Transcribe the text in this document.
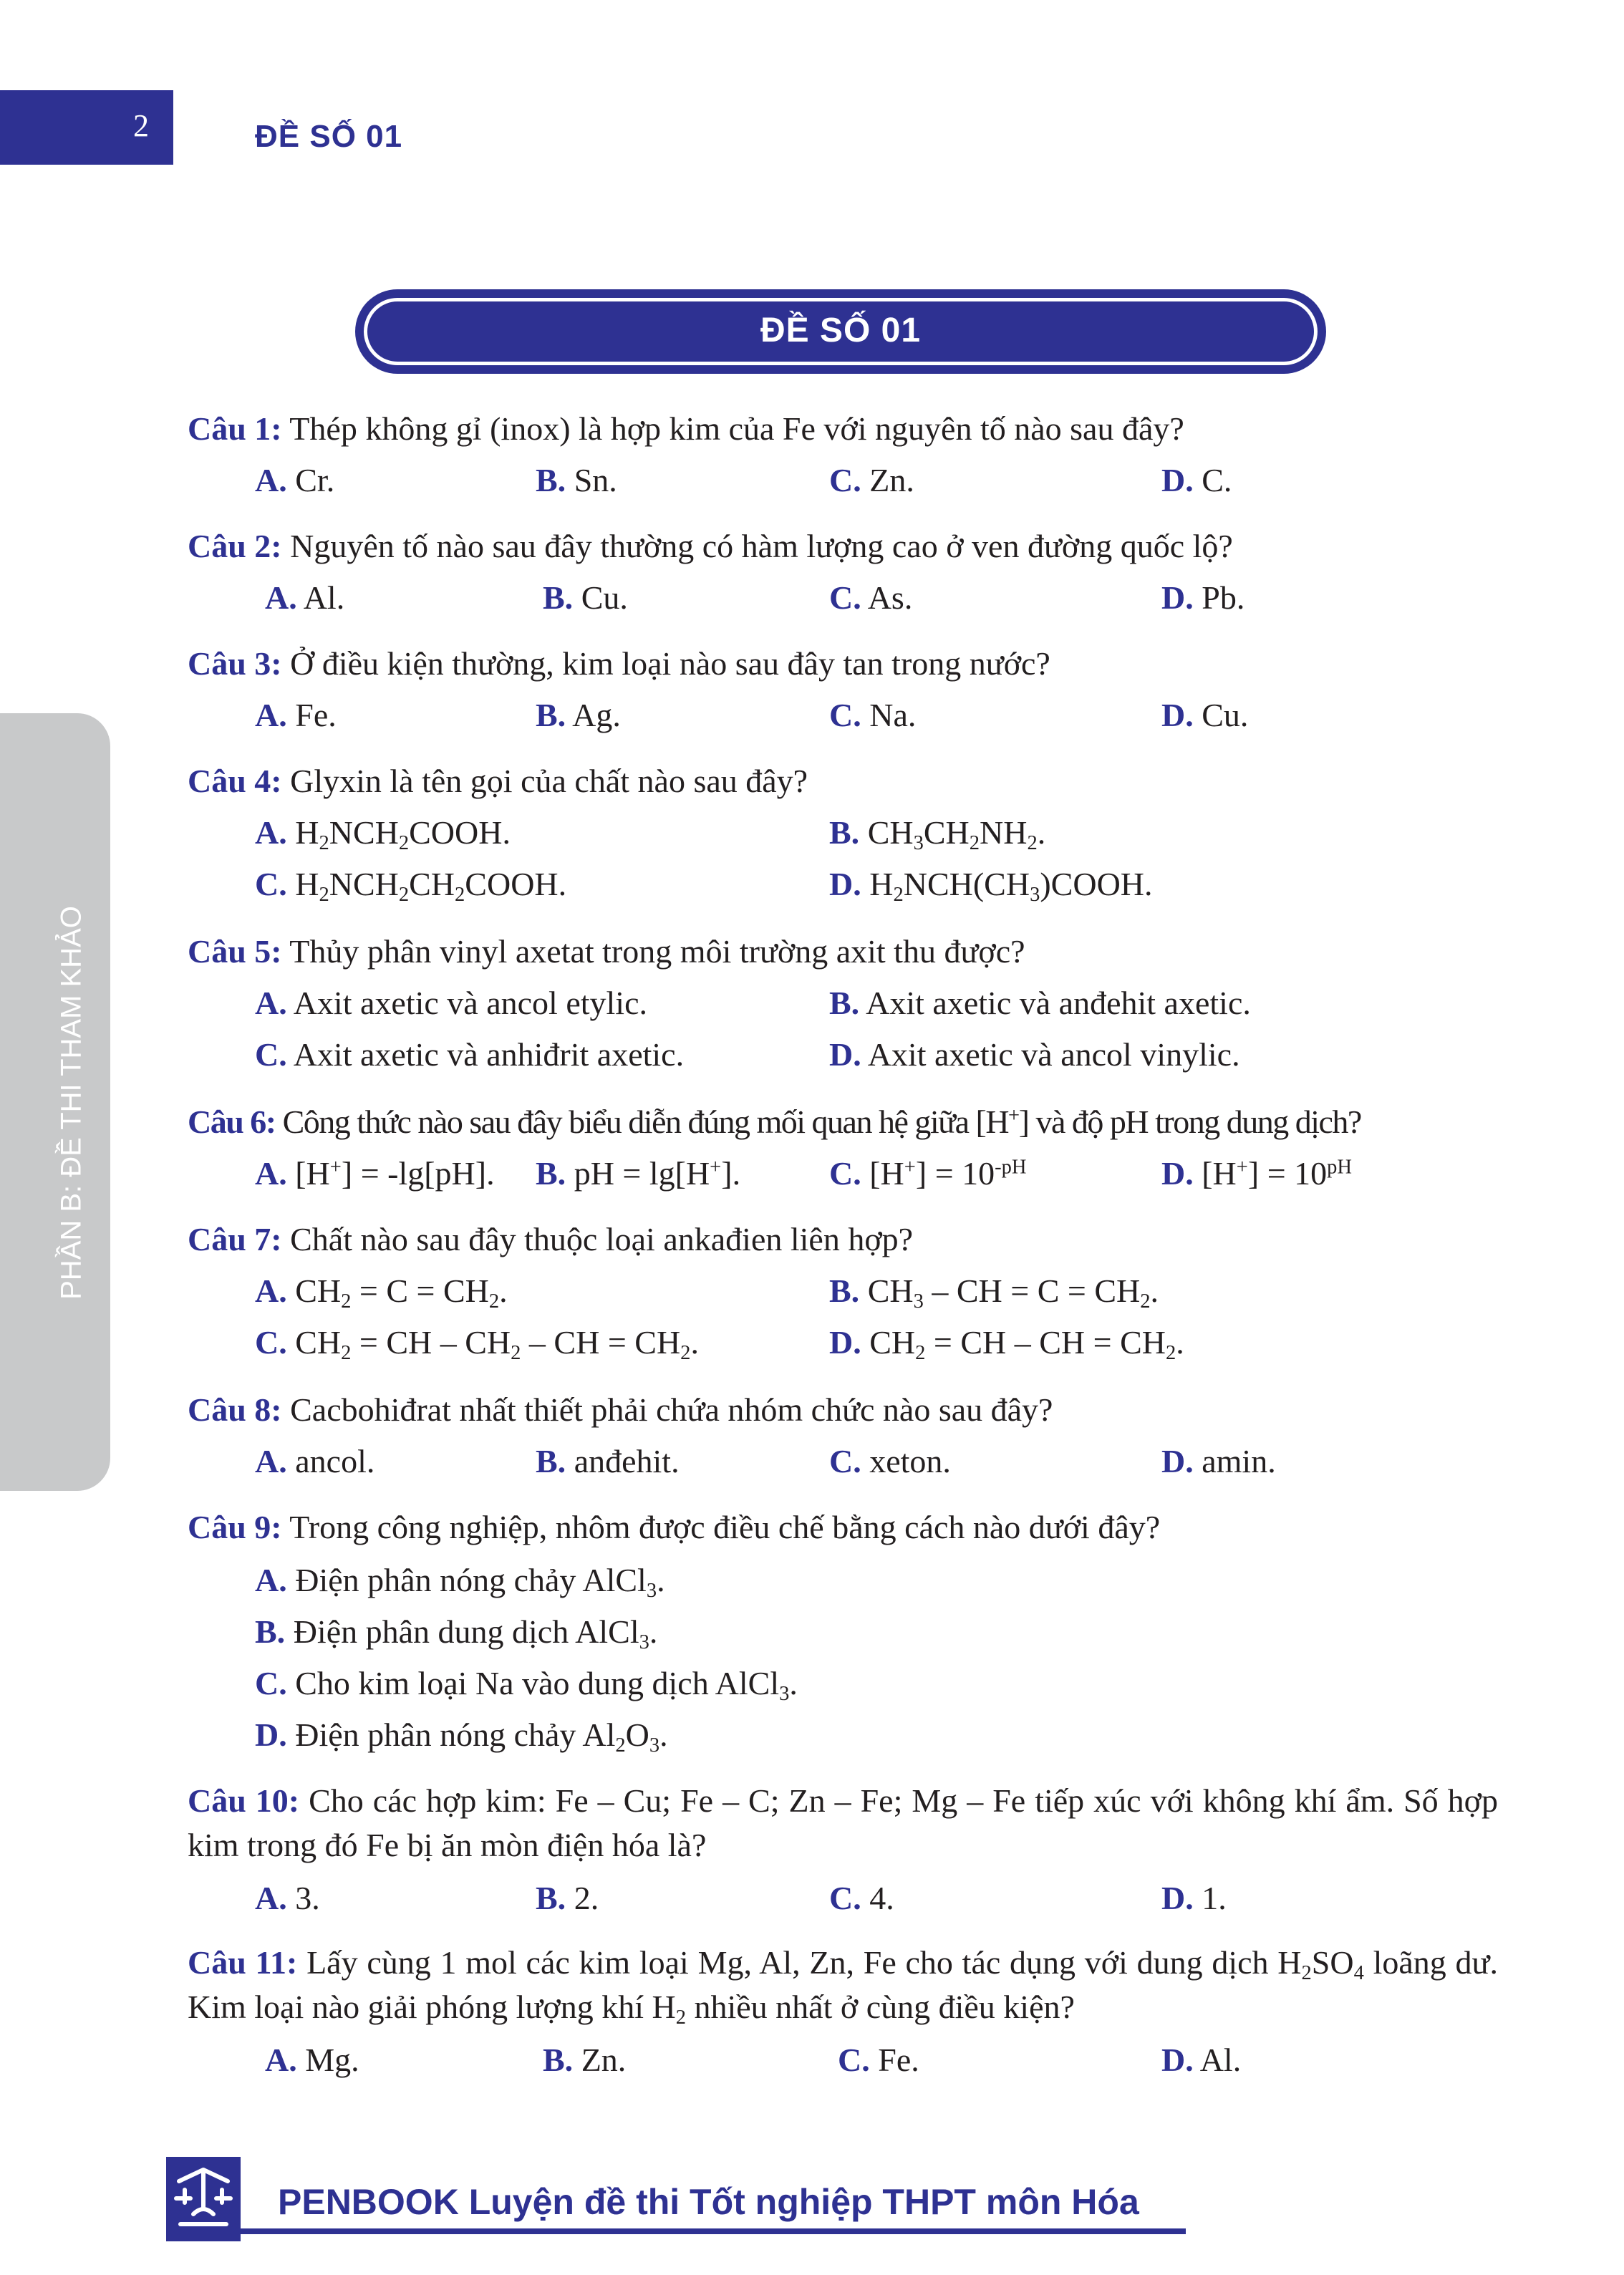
2	ĐỀ SỐ 01
PHẦN B: ĐỀ THI THAM KHẢO
ĐỀ SỐ 01
Câu 1: Thép không gỉ (inox) là hợp kim của Fe với nguyên tố nào sau đây?
A. Cr.	B. Sn.	C. Zn.	D. C.
Câu 2: Nguyên tố nào sau đây thường có hàm lượng cao ở ven đường quốc lộ?
A. Al.	B. Cu.	C. As.	D. Pb.
Câu 3: Ở điều kiện thường, kim loại nào sau đây tan trong nước?
A. Fe.	B. Ag.	C. Na.	D. Cu.
Câu 4: Glyxin là tên gọi của chất nào sau đây?
A. $H_2NCH_2COOH$.	B. $CH_3CH_2NH_2$.
C. $H_2NCH_2CH_2COOH$.	D. $H_2NCH(CH_3)COOH$.
Câu 5: Thủy phân vinyl axetat trong môi trường axit thu được?
A. Axit axetic và ancol etylic.	B. Axit axetic và anđehit axetic.
C. Axit axetic và anhiđrit axetic.	D. Axit axetic và ancol vinylic.
Câu 6: Công thức nào sau đây biểu diễn đúng mối quan hệ giữa [H+] và độ pH trong dung dịch?
A. [H+] = -lg[pH]. B. pH = lg[H+].	C. $[H^+] = 10^{-pH}$	D. $[H^+] = 10^{pH}$
Câu 7: Chất nào sau đây thuộc loại ankađien liên hợp?
A. $CH_2 = C = CH_2$.	B. $CH_3$ – CH = $C = CH_2$.
C. $CH_2$ = CH – $CH_2$ – CH = $CH_2$.	D. $CH_2$ = CH – CH = $CH_2$.
Câu 8: Cacbohiđrat nhất thiết phải chứa nhóm chức nào sau đây?
A. ancol.	B. anđehit.	C. xeton.	D. amin.
Câu 9: Trong công nghiệp, nhôm được điều chế bằng cách nào dưới đây?
A. Điện phân nóng chảy AlCl$_3$.
B. Điện phân dung dịch AlCl$_3$.
C. Cho kim loại Na vào dung dịch AlCl$_3$.
D. Điện phân nóng chảy $Al_2O_3$.
Câu 10: Cho các hợp kim: Fe – Cu; Fe – C; Zn – Fe; Mg – Fe tiếp xúc với không khí ẩm. Số hợp kim trong đó Fe bị ăn mòn điện hóa là?
A. 3.	B. 2.	C. 4.	D. 1.
Câu 11: Lấy cùng 1 mol các kim loại Mg, Al, Zn, Fe cho tác dụng với dung dịch $H_2SO_4$ loãng dư. Kim loại nào giải phóng lượng khí $H_2$ nhiều nhất ở cùng điều kiện?
A. Mg.	B. Zn.	C. Fe.	D. Al.
PENBOOK Luyện đề thi Tốt nghiệp THPT môn Hóa
